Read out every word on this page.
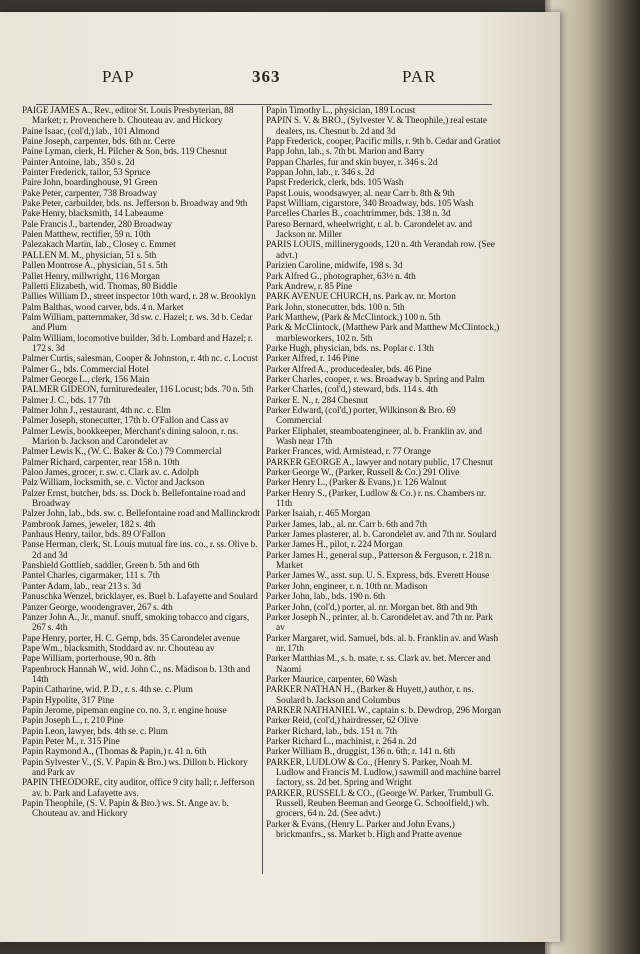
PAP	363	PAR

PAIGE JAMES A., Rev., editor St. Louis Presbyterian, 88 Market; r. Provenchere b. Chouteau av. and Hickory

Paine Isaac, (col'd,) lab., 101 Almond

Paine Joseph, carpenter, bds. 6th nr. Cerre

Paine Lyman, clerk, H. Pilcher & Son, bds. 119 Chesnut

Painter Antoine, lab., 350 s. 2d

Painter Frederick, tailor, 53 Spruce

Paire John, boardinghouse, 91 Green

Pake Peter, carpenter, 738 Broadway

Pake Peter, carbuilder, bds. ns. Jefferson b. Broadway and 9th

Pake Henry, blacksmith, 14 Labeaume

Pale Francis J., bartender, 280 Broadway

Palen Matthew, rectifier, 59 n. 10th

Palezakach Martin, lab., Closey c. Emmet

PALLEN M. M., physician, 51 s. 5th

Pallen Montrose A., physician, 51 s. 5th

Pallet Henry, millwright, 116 Morgan

Palletti Elizabeth, wid. Thomas, 80 Biddle

Pallies William D., street inspector 10th ward, r. 28 w. Brooklyn

Palm Balthas, wood carver, bds. 4 n. Market

Palm William, patternmaker, 3d sw. c. Hazel; r. ws. 3d b. Cedar and Plum

Palm William, locomotive builder, 3d b. Lombard and Hazel; r. 172 s. 3d

Palmer Curtis, salesman, Cooper & Johnston, r. 4th nc. c. Locust

Palmer G., bds. Commercial Hotel

Palmer George L., clerk, 156 Main

PALMER GIDEON, furnituredealer, 116 Locust; bds. 70 n. 5th

Palmer J. C., bds. 17 7th

Palmer John J., restaurant, 4th nc. c. Elm

Palmer Joseph, stonecutter, 17th b. O'Fallon and Cass av

Palmer Lewis, bookkeeper, Merchant's dining saloon, r. ns. Marion b. Jackson and Carondelet av

Palmer Lewis K., (W. C. Baker & Co.) 79 Commercial

Palmer Richard, carpenter, rear 158 n. 10th

Paloo James, grocer, r. sw. c. Clark av. c. Adolph

Palz William, locksmith, se. c. Victor and Jackson

Palzer Ernst, butcher, bds. ss. Dock b. Bellefontaine road and Broadway

Palzer John, lab., bds. sw. c. Bellefontaine road and Mallinckrodt

Pambrook James, jeweler, 182 s. 4th

Panhaus Henry, tailor, bds. 89 O'Fallon

Panse Herman, clerk, St. Louis mutual fire ins. co., r. ss. Olive b. 2d and 3d

Panshield Gottlieb, saddler, Green b. 5th and 6th

Pantel Charles, cigarmaker, 111 s. 7th

Panter Adam, lab., rear 213 s. 3d

Panuschka Wenzel, bricklayer, es. Buel b. Lafayette and Soulard

Panzer George, woodengraver, 267 s. 4th

Panzer John A., Jr., manuf. snuff, smoking tobacco and cigars, 267 s. 4th

Pape Henry, porter, H. C. Gemp, bds. 35 Carondelet avenue

Pape Wm., blacksmith, Stoddard av. nr. Chouteau av

Pape William, porterhouse, 90 n. 8th

Papenbrock Hannah W., wid. John C., ns. Madison b. 13th and 14th

Papin Catharine, wid. P. D., r. s. 4th se. c. Plum

Papin Hypolite, 317 Pine

Papin Jerome, pipeman engine co. no. 3, r. engine house

Papin Joseph L., r. 210 Pine

Papin Leon, lawyer, bds. 4th se. c. Plum

Papin Peter M., r. 315 Pine

Papin Raymond A., (Thomas & Papin,) r. 41 n. 6th

Papin Sylvester V., (S. V. Papin & Bro.) ws. Dillon b. Hickory and Park av

PAPIN THEODORE, city auditor, office 9 city hall; r. Jefferson av. b. Park and Lafayette avs.

Papin Theophile, (S. V. Papin & Bro.) ws. St. Ange av. b. Chouteau av. and Hickory

Papin Timothy L., physician, 189 Locust

PAPIN S. V. & BRO., (Sylvester V. & Theophile,) real estate dealers, ns. Chesnut b. 2d and 3d

Papp Frederick, cooper, Pacific mills, r. 9th b. Cedar and Gratiot

Papp John, lab., s. 7th bt. Marion and Barry

Pappan Charles, fur and skin buyer, r. 346 s. 2d

Pappan John, lab., r. 346 s. 2d

Papst Frederick, clerk, bds. 105 Wash

Papst Louis, woodsawyer, al. near Carr b. 8th & 9th

Papst William, cigarstore, 340 Broadway, bds. 105 Wash

Parcelles Charles B., coachtrimmer, bds. 138 n. 3d

Pareso Bernard, wheelwright, r. al. b. Carondelet av. and Jackson nr. Miller

PARIS LOUIS, millinerygoods, 120 n. 4th Verandah row. (See advt.)

Parizien Caroline, midwife, 198 s. 3d

Park Alfred G., photographer, 63½ n. 4th

Park Andrew, r. 85 Pine

PARK AVENUE CHURCH, ns. Park av. nr. Morton

Park John, stonecutter, bds. 100 n. 5th

Park Matthew, (Park & McClintock,) 100 n. 5th

Park & McClintock, (Matthew Park and Matthew McClintock,) marbleworkers, 102 n. 5th

Parke Hugh, physician, bds. ns. Poplar c. 13th

Parker Alfred, r. 146 Pine

Parker Alfred A., producedealer, bds. 46 Pine

Parker Charles, cooper, r. ws. Broadway b. Spring and Palm

Parker Charles, (col'd,) steward, bds. 114 s. 4th

Parker E. N., r. 284 Chesnut

Parker Edward, (col'd,) porter, Wilkinson & Bro. 69 Commercial

Parker Eliphalet, steamboatengineer, al. b. Franklin av. and Wash near 17th

Parker Frances, wid. Armistead, r. 77 Orange

PARKER GEORGE A., lawyer and notary public, 17 Chesnut

Parker George W., (Parker, Russell & Co.) 291 Olive

Parker Henry L., (Parker & Evans,) r. 126 Walnut

Parker Henry S., (Parker, Ludlow & Co.) r. ns. Chambers nr. 11th

Parker Isaiah, r. 465 Morgan

Parker James, lab., al. nr. Carr b. 6th and 7th

Parker James plasterer, al. b. Carondelet av. and 7th nr. Soulard

Parker James H., pilot, r. 224 Morgan

Parker James H., general sup., Patterson & Ferguson, r. 218 n. Market

Parker James W., asst. sup. U. S. Express, bds. Everett House

Parker John, engineer, r. n. 10th nr. Madison

Parker John, lab., bds. 190 n. 6th

Parker John, (col'd,) porter, al. nr. Morgan bet. 8th and 9th

Parker Joseph N., printer, al. b. Carondelet av. and 7th nr. Park av

Parker Margaret, wid. Samuel, bds. al. b. Franklin av. and Wash nr. 17th

Parker Matthias M., s. b. mate, r. ss. Clark av. bet. Mercer and Naomi

Parker Maurice, carpenter, 60 Wash

PARKER NATHAN H., (Barker & Huyett,) author, r. ns. Soulard b. Jackson and Columbus

PARKER NATHANIEL W., captain s. b. Dewdrop, 296 Morgan

Parker Reid, (col'd,) hairdresser, 62 Olive

Parker Richard, lab., bds. 151 n. 7th

Parker Richard L., machinist, r. 264 n. 2d

Parker William B., druggist, 136 n. 6th; r. 141 n. 6th

PARKER, LUDLOW & Co., (Henry S. Parker, Noah M. Ludlow and Francis M. Ludlow,) sawmill and machine barrel factory, ss. 2d bet. Spring and Wright

PARKER, RUSSELL & CO., (George W. Parker, Trumbull G. Russell, Reuben Beeman and George G. Schoolfield,) wh. grocers, 64 n. 2d. (See advt.)

Parker & Evans, (Henry L. Parker and John Evans,) brickmanfrs., ss. Market b. High and Pratte avenue
